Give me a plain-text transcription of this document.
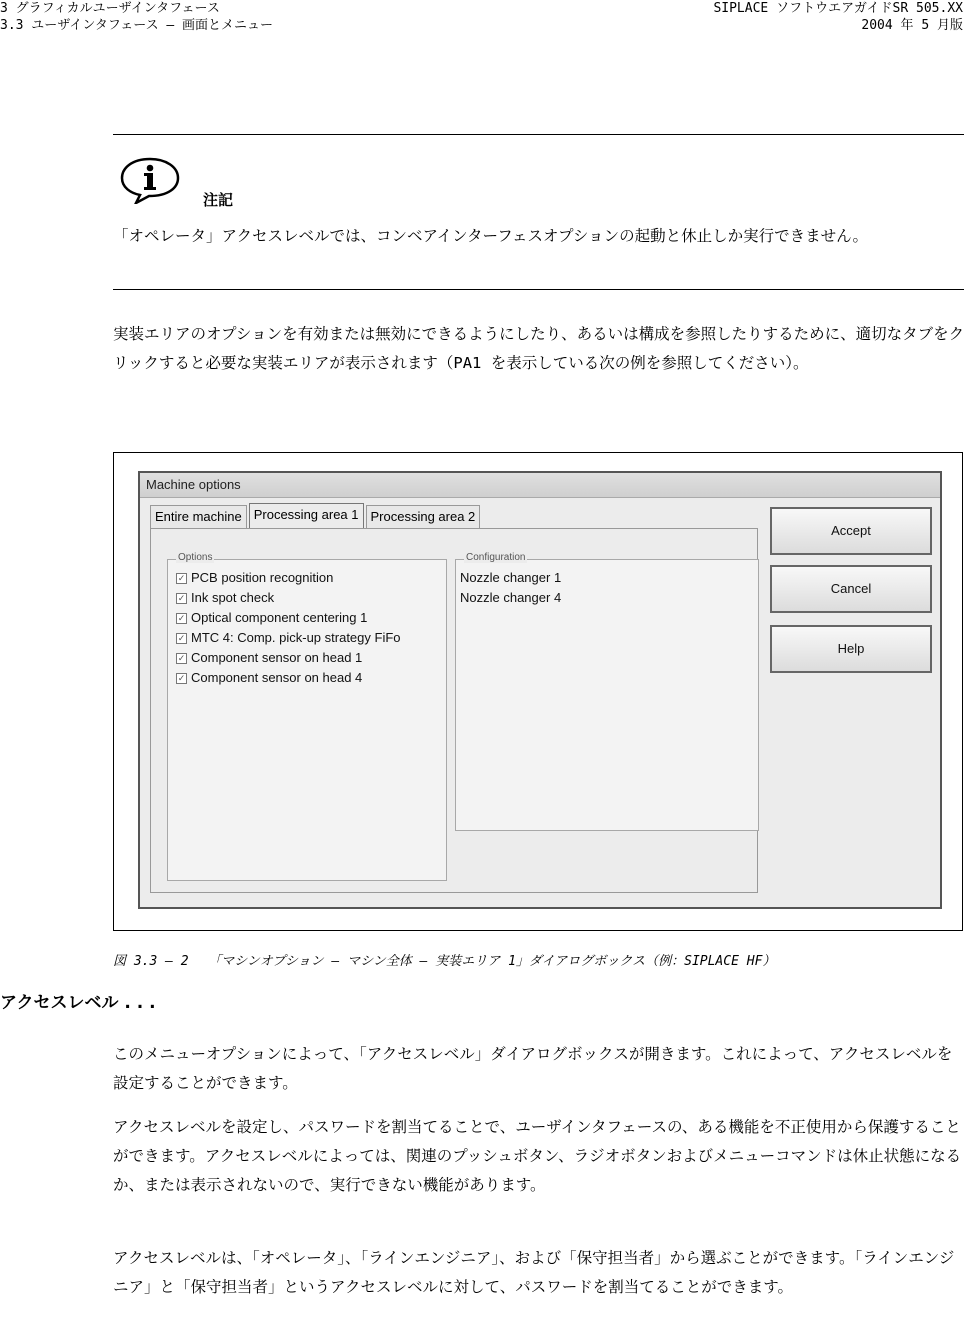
3 グラフィカルユーザインタフェース
3.3 ユーザインタフェース – 画面とメニュー
SIPLACE ソフトウエアガイドSR 505.XX
2004 年 5 月版
注記
「オペレータ」アクセスレベルでは、コンベアインターフェスオプションの起動と休止しか実行できません。
実装エリアのオプションを有効または無効にできるようにしたり、あるいは構成を参照したりするために、適切なタブをクリックすると必要な実装エリアが表示されます（PA1 を表示している次の例を参照してください）。
Machine options
Entire machine Processing area 1 Processing area 2
Options
✓ PCB position recognition
✓ Ink spot check
✓ Optical component centering 1
✓ MTC 4: Comp. pick-up strategy FiFo
✓ Component sensor on head 1
✓ Component sensor on head 4
Configuration
Nozzle changer 1
Nozzle changer 4
Accept
Cancel
Help
図 3.3 – 2　　「マシンオプション – マシン全体 – 実装エリア 1」ダイアログボックス（例：SIPLACE HF）
アクセスレベル . . .
このメニューオプションによって、「アクセスレベル」ダイアログボックスが開きます。これによって、アクセスレベルを設定することができます。
アクセスレベルを設定し、パスワードを割当てることで、ユーザインタフェースの、ある機能を不正使用から保護することができます。アクセスレベルによっては、関連のプッシュボタン、ラジオボタンおよびメニューコマンドは休止状態になるか、または表示されないので、実行できない機能があります。
アクセスレベルは、「オペレータ」、「ラインエンジニア」、および「保守担当者」から選ぶことができます。「ラインエンジニア」と「保守担当者」というアクセスレベルに対して、パスワードを割当てることができます。
